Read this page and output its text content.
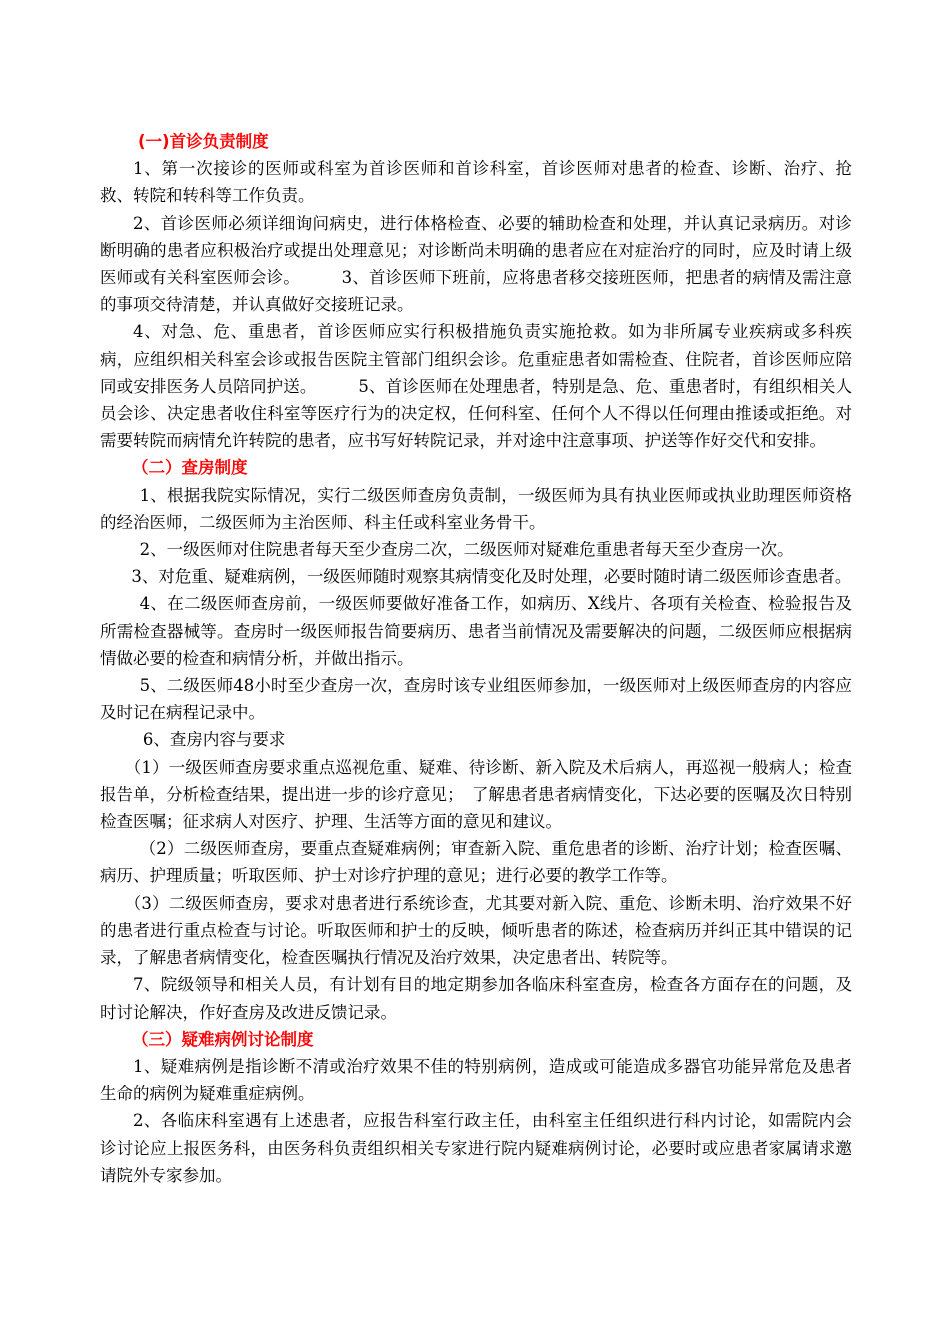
(一)首诊负责制度

1、第一次接诊的医师或科室为首诊医师和首诊科室，首诊医师对患者的检查、诊断、治疗、抢救、转院和转科等工作负责。

2、首诊医师必须详细询问病史，进行体格检查、必要的辅助检查和处理，并认真记录病历。对诊断明确的患者应积极治疗或提出处理意见；对诊断尚未明确的患者应在对症治疗的同时，应及时请上级医师或有关科室医师会诊。　　　3、首诊医师下班前，应将患者移交接班医师，把患者的病情及需注意的事项交待清楚，并认真做好交接班记录。

4、对急、危、重患者，首诊医师应实行积极措施负责实施抢救。如为非所属专业疾病或多科疾病，应组织相关科室会诊或报告医院主管部门组织会诊。危重症患者如需检查、住院者，首诊医师应陪同或安排医务人员陪同护送。　　　5、首诊医师在处理患者，特别是急、危、重患者时，有组织相关人员会诊、决定患者收住科室等医疗行为的决定权，任何科室、任何个人不得以任何理由推诿或拒绝。对需要转院而病情允许转院的患者，应书写好转院记录，并对途中注意事项、护送等作好交代和安排。

（二）查房制度

1、根据我院实际情况，实行二级医师查房负责制，一级医师为具有执业医师或执业助理医师资格的经治医师，二级医师为主治医师、科主任或科室业务骨干。

2、一级医师对住院患者每天至少查房二次，二级医师对疑难危重患者每天至少查房一次。

3、对危重、疑难病例，一级医师随时观察其病情变化及时处理，必要时随时请二级医师诊查患者。

4、在二级医师查房前，一级医师要做好准备工作，如病历、X线片、各项有关检查、检验报告及所需检查器械等。查房时一级医师报告简要病历、患者当前情况及需要解决的问题，二级医师应根据病情做必要的检查和病情分析，并做出指示。

5、二级医师48小时至少查房一次，查房时该专业组医师参加，一级医师对上级医师查房的内容应及时记在病程记录中。

6、查房内容与要求

（1）一级医师查房要求重点巡视危重、疑难、待诊断、新入院及术后病人，再巡视一般病人；检查报告单，分析检查结果，提出进一步的诊疗意见；　了解患者患者病情变化，下达必要的医嘱及次日特别检查医嘱；征求病人对医疗、护理、生活等方面的意见和建议。

（2）二级医师查房，要重点查疑难病例；审查新入院、重危患者的诊断、治疗计划；检查医嘱、病历、护理质量；听取医师、护士对诊疗护理的意见；进行必要的教学工作等。

（3）二级医师查房，要求对患者进行系统诊查，尤其要对新入院、重危、诊断未明、治疗效果不好的患者进行重点检查与讨论。听取医师和护士的反映，倾听患者的陈述，检查病历并纠正其中错误的记录，了解患者病情变化，检查医嘱执行情况及治疗效果，决定患者出、转院等。

7、院级领导和相关人员，有计划有目的地定期参加各临床科室查房，检查各方面存在的问题，及时讨论解决，作好查房及改进反馈记录。

（三）疑难病例讨论制度

1、疑难病例是指诊断不清或治疗效果不佳的特别病例，造成或可能造成多器官功能异常危及患者生命的病例为疑难重症病例。

2、各临床科室遇有上述患者，应报告科室行政主任，由科室主任组织进行科内讨论，如需院内会诊讨论应上报医务科，由医务科负责组织相关专家进行院内疑难病例讨论，必要时或应患者家属请求邀请院外专家参加。
